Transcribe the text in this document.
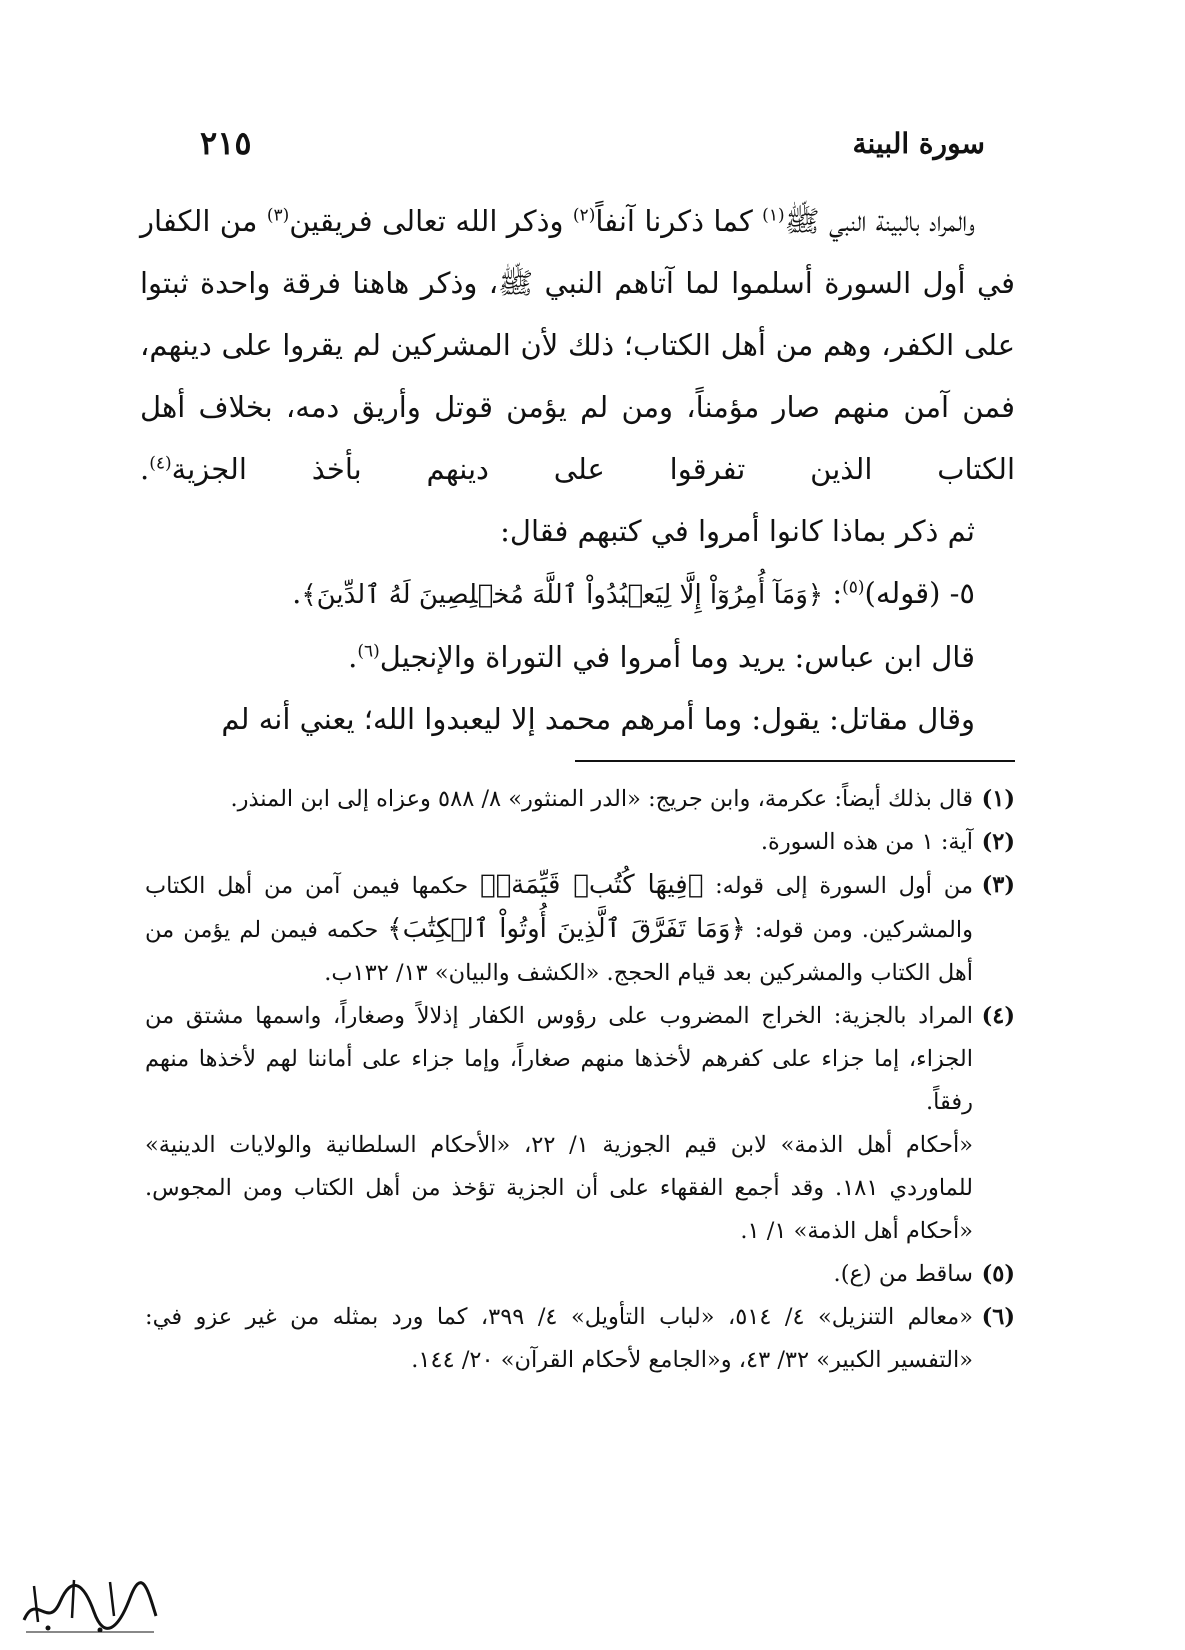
سورة البينة
٢١٥

والمراد بالبينة النبي ﷺ$^{(١)}$ كما ذكرنا آنفاً$^{(٢)}$ وذكر الله تعالى فريقين$^{(٣)}$ من الكفار في أول السورة أسلموا لما آتاهم النبي ﷺ، وذكر هاهنا فرقة واحدة ثبتوا على الكفر، وهم من أهل الكتاب؛ ذلك لأن المشركين لم يقروا على دينهم، فمن آمن منهم صار مؤمناً، ومن لم يؤمن قوتل وأريق دمه، بخلاف أهل الكتاب الذين تفرقوا على دينهم بأخذ الجزية$^{(٤)}$.

ثم ذكر بماذا كانوا أمروا في كتبهم فقال:

٥- (قوله)$^{(٥)}$: ﴿وَمَآ أُمِرُوٓاْ إِلَّا لِيَعۡبُدُواْ ٱللَّهَ مُخۡلِصِينَ لَهُ ٱلدِّينَ﴾.

قال ابن عباس: يريد وما أمروا في التوراة والإنجيل$^{(٦)}$.

وقال مقاتل: يقول: وما أمرهم محمد إلا ليعبدوا الله؛ يعني أنه لم

(١)
قال بذلك أيضاً: عكرمة، وابن جريج: «الدر المنثور» ٨/ ٥٨٨ وعزاه إلى ابن المنذر.
(٢)
آية: ١ من هذه السورة.
(٣)
من أول السورة إلى قوله: ﴿فِيهَا كُتُبٞ قَيِّمَةٞ﴾ حكمها فيمن آمن من أهل الكتاب والمشركين. ومن قوله: ﴿وَمَا تَفَرَّقَ ٱلَّذِينَ أُوتُواْ ٱلۡكِتَٰبَ﴾ حكمه فيمن لم يؤمن من أهل الكتاب والمشركين بعد قيام الحجج. «الكشف والبيان» ١٣/ ١٣٢ب.
(٤)
المراد بالجزية: الخراج المضروب على رؤوس الكفار إذلالاً وصغاراً، واسمها مشتق من الجزاء، إما جزاء على كفرهم لأخذها منهم صغاراً، وإما جزاء على أماننا لهم لأخذها منهم رفقاً.
«أحكام أهل الذمة» لابن قيم الجوزية ١/ ٢٢، «الأحكام السلطانية والولايات الدينية» للماوردي ١٨١. وقد أجمع الفقهاء على أن الجزية تؤخذ من أهل الكتاب ومن المجوس. «أحكام أهل الذمة» ١/ ١.
(٥)
ساقط من (ع).
(٦)
«معالم التنزيل» ٤/ ٥١٤، «لباب التأويل» ٤/ ٣٩٩، كما ورد بمثله من غير عزو في: «التفسير الكبير» ٣٢/ ٤٣، و«الجامع لأحكام القرآن» ٢٠/ ١٤٤.
